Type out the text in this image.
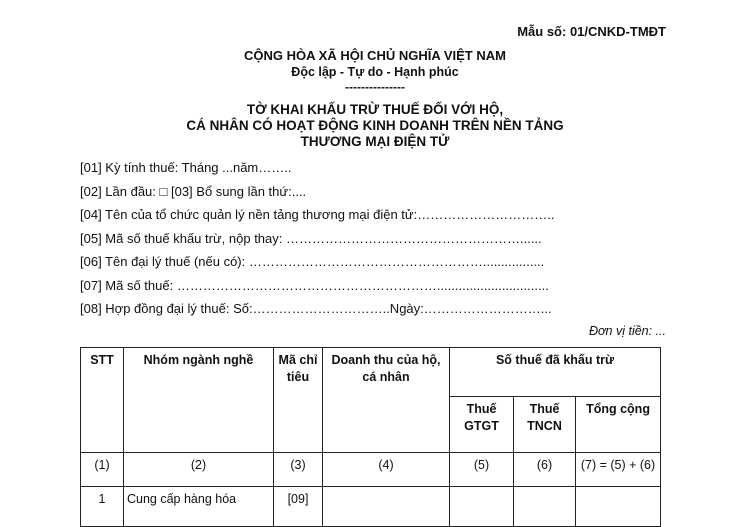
Mẫu số: 01/CNKD-TMĐT
CỘNG HÒA XÃ HỘI CHỦ NGHĨA VIỆT NAM
Độc lập - Tự do - Hạnh phúc
---------------
TỜ KHAI KHẤU TRỪ THUẾ ĐỐI VỚI HỘ,
CÁ NHÂN CÓ HOẠT ĐỘNG KINH DOANH TRÊN NỀN TẢNG
THƯƠNG MẠI ĐIỆN TỬ
[01] Kỳ tính thuế: Tháng ...năm……..
[02] Lần đầu: □ [03] Bổ sung lần thứ:....
[04] Tên của tổ chức quản lý nền tảng thương mại điện tử:…………………………..
[05] Mã số thuế khấu trừ, nộp thay: ………………………………………………......
[06] Tên đại lý thuế (nếu có): ……………………………………………….................
[07] Mã số thuế: ……………………………………………………...............................
[08] Hợp đồng đại lý thuế: Số:…………………………..Ngày:………………………...
Đơn vị tiền: ...
STT	Nhóm ngành nghề	Mã chỉ tiêu	Doanh thu của hộ, cá nhân	Số thuế đã khấu trừ		
				Thuế GTGT	Thuế TNCN	Tổng cộng
(1)	(2)	(3)	(4)	(5)	(6)	(7) = (5) + (6)
1	Cung cấp hàng hóa	[09]				
